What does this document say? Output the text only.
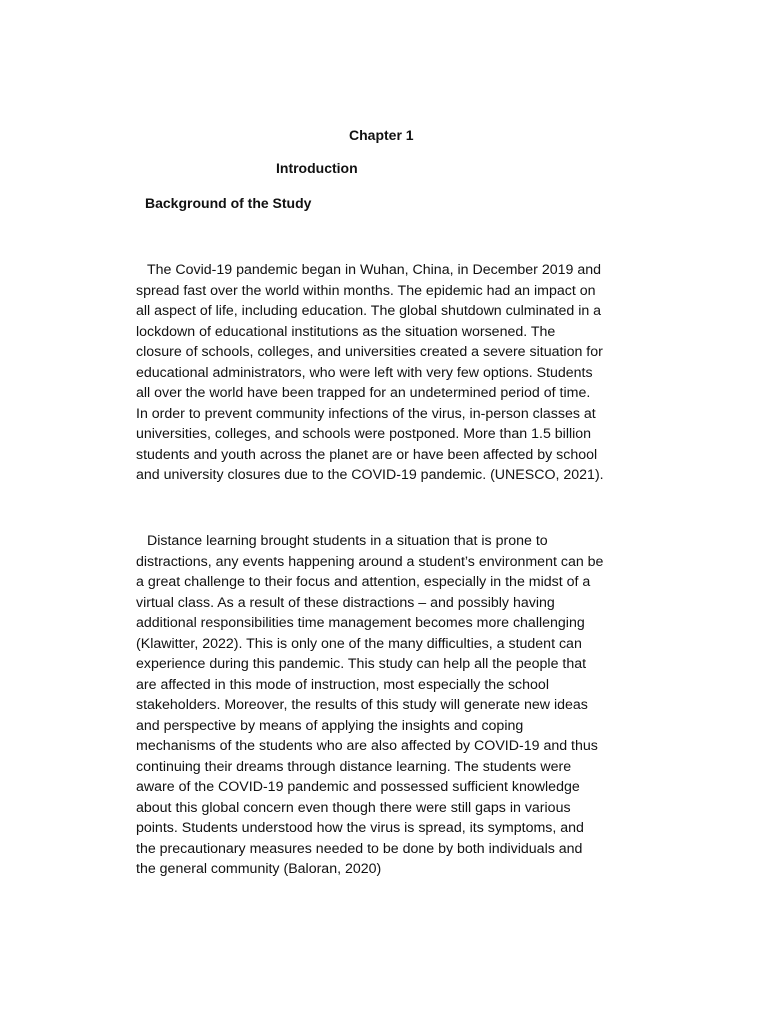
Chapter 1
Introduction
Background of the Study
The Covid-19 pandemic began in Wuhan, China, in December 2019 and
spread fast over the world within months. The epidemic had an impact on
all aspect of life, including education. The global shutdown culminated in a
lockdown of educational institutions as the situation worsened. The
closure of schools, colleges, and universities created a severe situation for
educational administrators, who were left with very few options. Students
all over the world have been trapped for an undetermined period of time.
In order to prevent community infections of the virus, in-person classes at
universities, colleges, and schools were postponed. More than 1.5 billion
students and youth across the planet are or have been affected by school
and university closures due to the COVID-19 pandemic. (UNESCO, 2021).
Distance learning brought students in a situation that is prone to
distractions, any events happening around a student’s environment can be
a great challenge to their focus and attention, especially in the midst of a
virtual class. As a result of these distractions – and possibly having
additional responsibilities time management becomes more challenging
(Klawitter, 2022). This is only one of the many difficulties, a student can
experience during this pandemic. This study can help all the people that
are affected in this mode of instruction, most especially the school
stakeholders. Moreover, the results of this study will generate new ideas
and perspective by means of applying the insights and coping
mechanisms of the students who are also affected by COVID-19 and thus
continuing their dreams through distance learning. The students were
aware of the COVID-19 pandemic and possessed sufficient knowledge
about this global concern even though there were still gaps in various
points. Students understood how the virus is spread, its symptoms, and
the precautionary measures needed to be done by both individuals and
the general community (Baloran, 2020)
